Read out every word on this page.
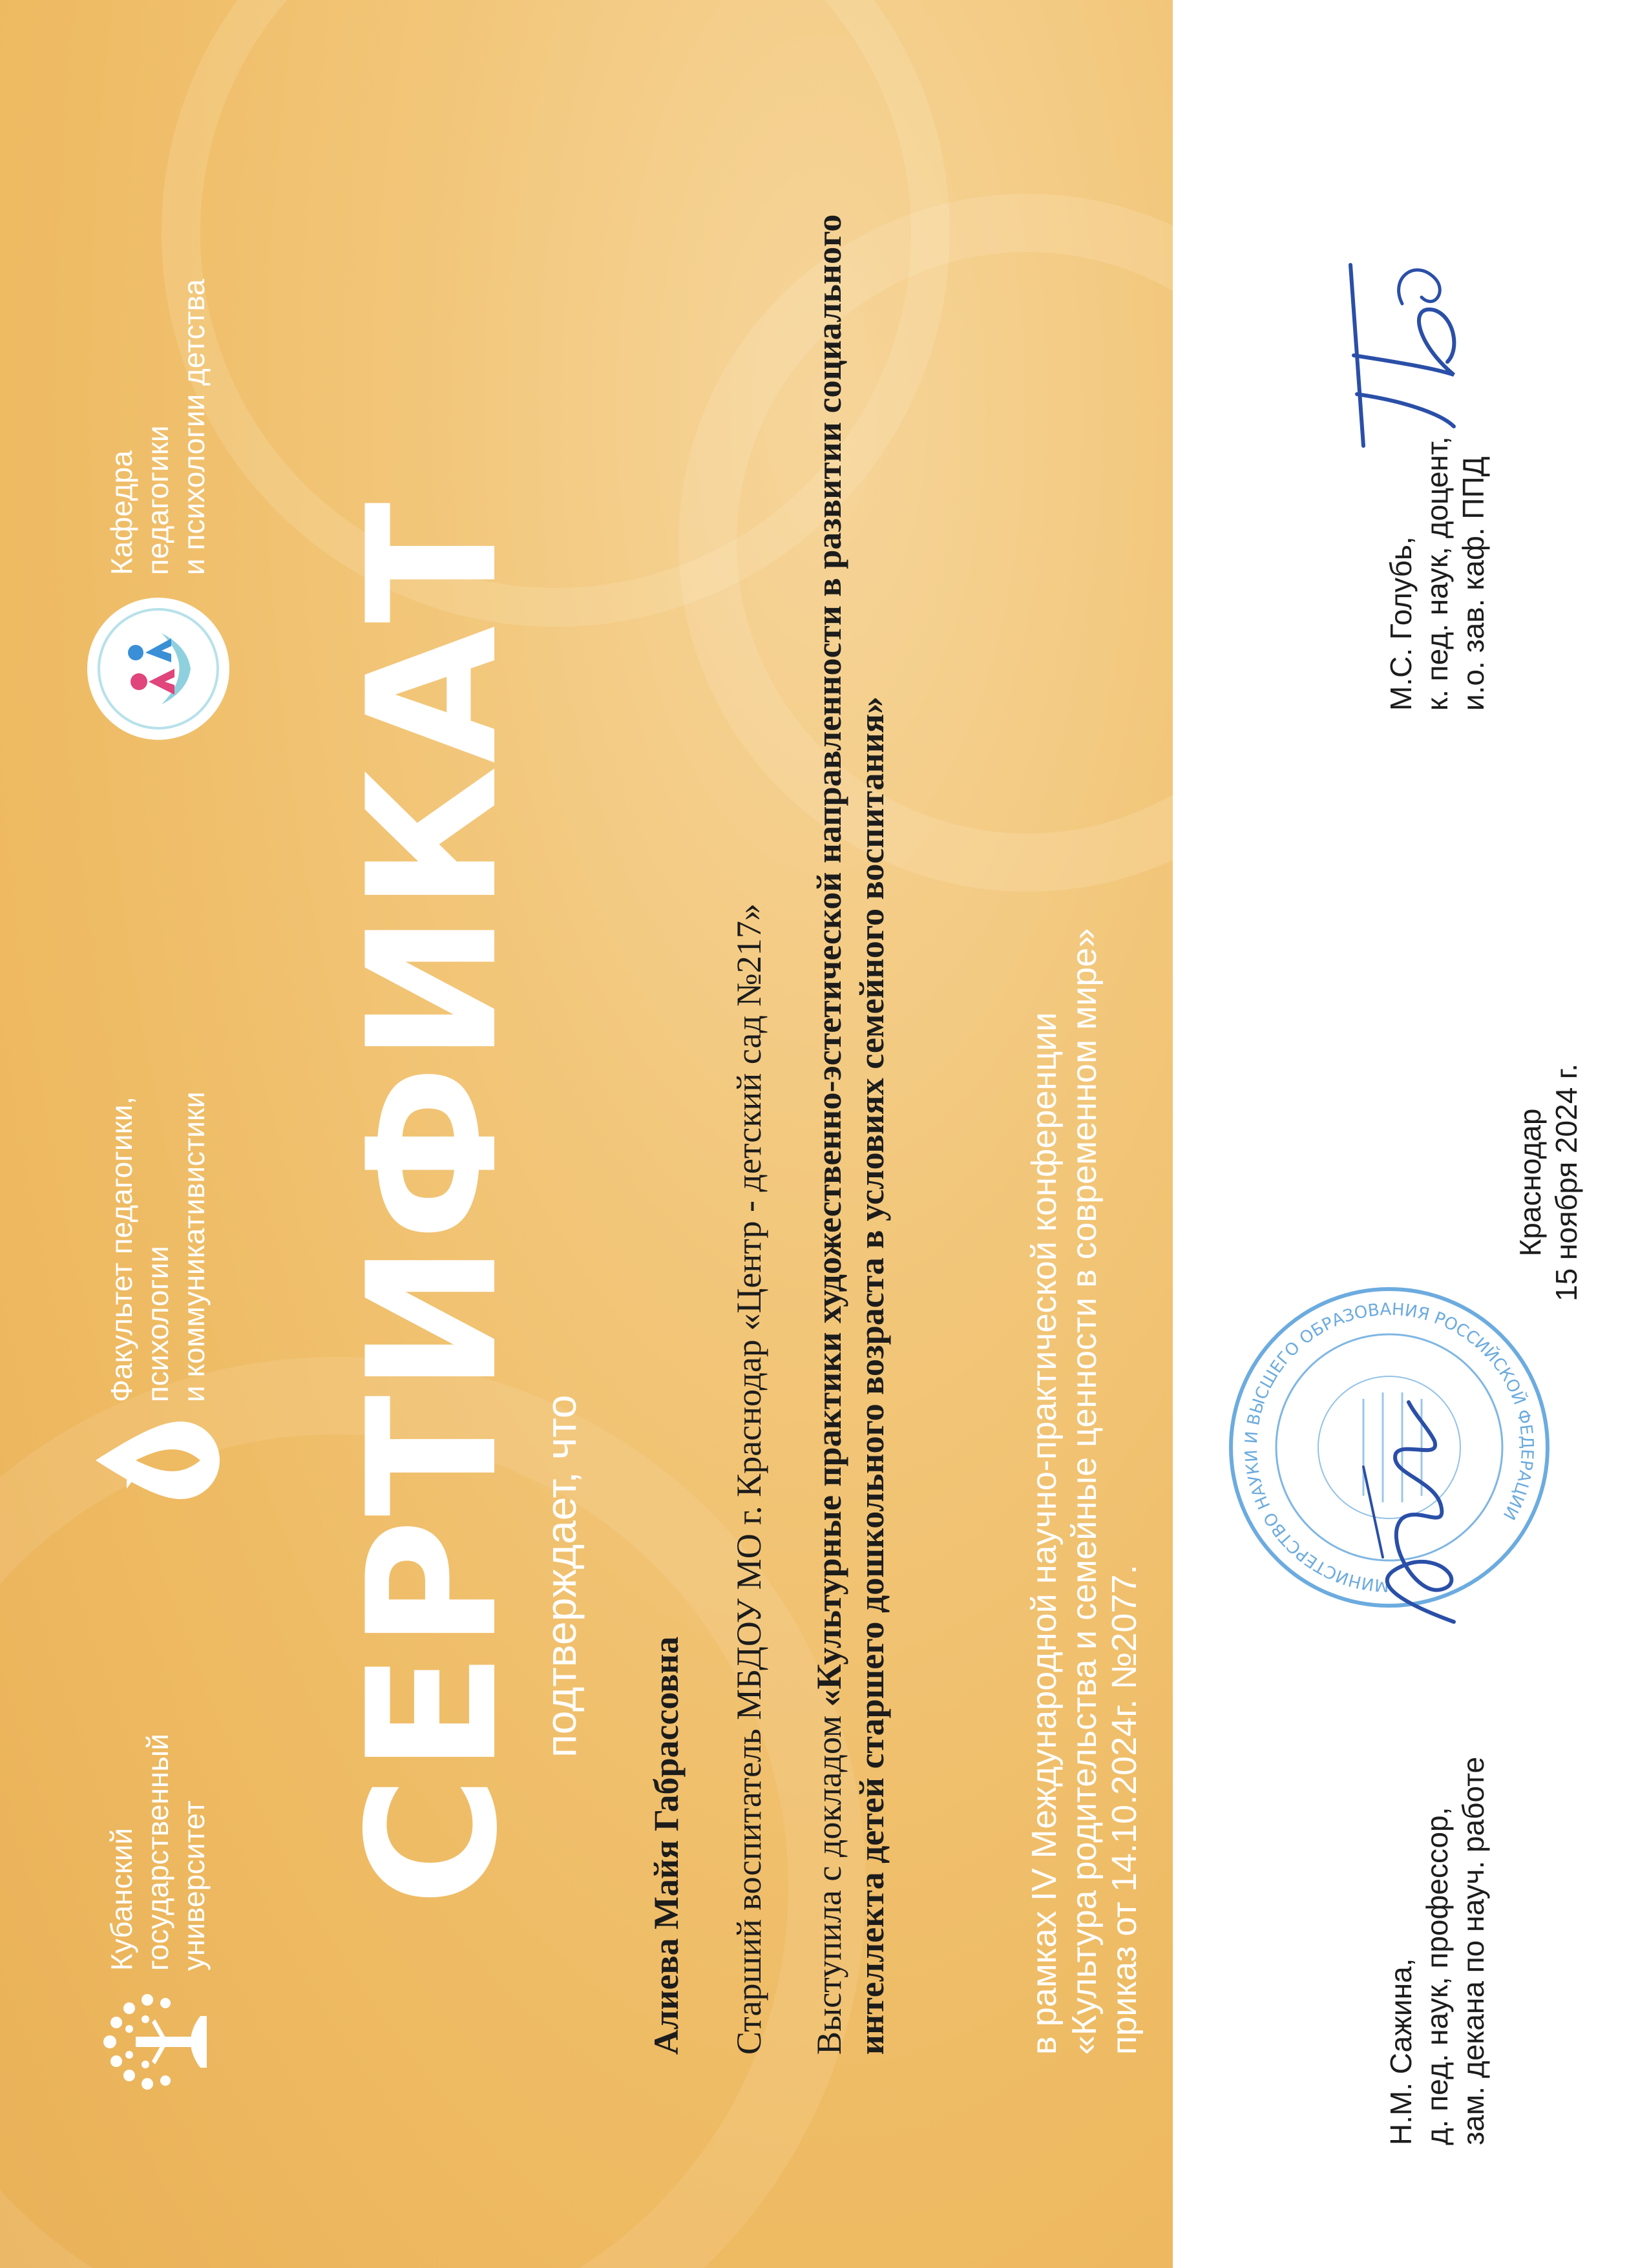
Кубанский государственный университет
Факультет педагогики, психологии и коммуникативистики
Кафедра педагогики и психологии детства
СЕРТИФИКАТ подтверждает, что
Алиева Майя Габрассовна Старший воспитатель МБДОУ МО г. Краснодар «Центр - детский сад №217» Выступила с докладом «Культурные практики художественно-эстетической направленности в развитии социального интеллекта детей старшего дошкольного возраста в условиях семейного воспитания»	в рамках IV Международной научно-практической конференции «Культура родительства и семейные ценности в современном мире» приказ от 14.10.2024г. №2077.	Н.М. Сажина, д. пед. наук, профессор, зам. декана по науч. работе
Краснодар 15 ноября 2024 г.
М.С. Голубь, к. пед. наук, доцент, и.о. зав. каф. ППД
МИНИСТЕРСТВО НАУКИ И ВЫСШЕГО ОБРАЗОВАНИЯ РОССИЙСКОЙ ФЕДЕРАЦИИ
